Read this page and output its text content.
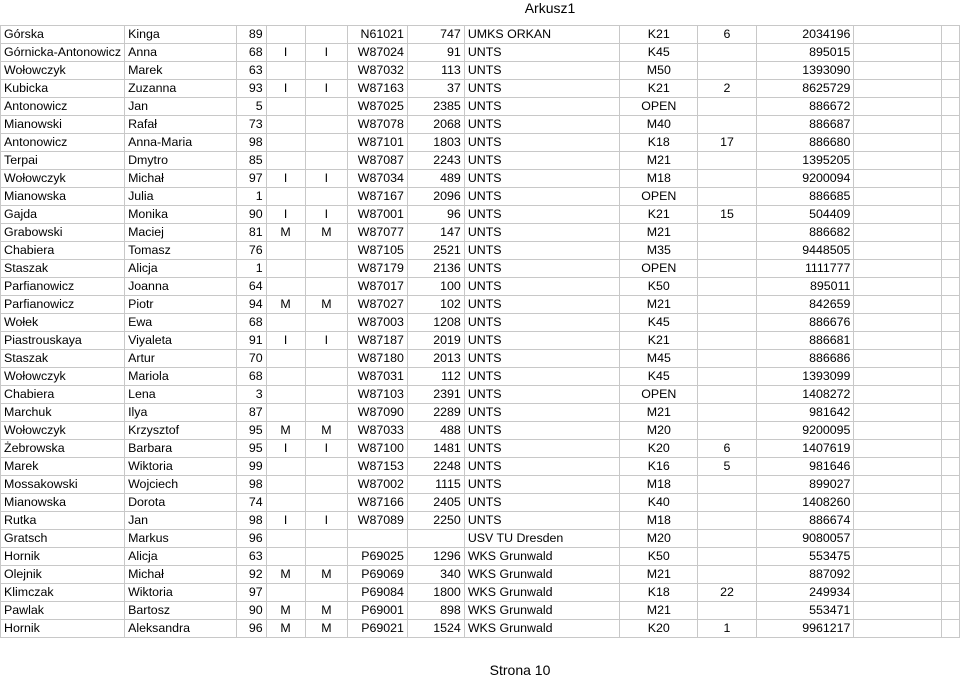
Arkusz1
Górska	Kinga	89			N61021	747	UMKS ORKAN	K21	6	2034196		
Górnicka-Antonowicz	Anna	68	I	I	W87024	91	UNTS	K45		895015		
Wołowczyk	Marek	63			W87032	113	UNTS	M50		1393090		
Kubicka	Zuzanna	93	I	I	W87163	37	UNTS	K21	2	8625729		
Antonowicz	Jan	5			W87025	2385	UNTS	OPEN		886672		
Mianowski	Rafał	73			W87078	2068	UNTS	M40		886687		
Antonowicz	Anna-Maria	98			W87101	1803	UNTS	K18	17	886680		
Terpai	Dmytro	85			W87087	2243	UNTS	M21		1395205		
Wołowczyk	Michał	97	I	I	W87034	489	UNTS	M18		9200094		
Mianowska	Julia	1			W87167	2096	UNTS	OPEN		886685		
Gajda	Monika	90	I	I	W87001	96	UNTS	K21	15	504409		
Grabowski	Maciej	81	M	M	W87077	147	UNTS	M21		886682		
Chabiera	Tomasz	76			W87105	2521	UNTS	M35		9448505		
Staszak	Alicja	1			W87179	2136	UNTS	OPEN		1111777		
Parfianowicz	Joanna	64			W87017	100	UNTS	K50		895011		
Parfianowicz	Piotr	94	M	M	W87027	102	UNTS	M21		842659		
Wołek	Ewa	68			W87003	1208	UNTS	K45		886676		
Piastrouskaya	Viyaleta	91	I	I	W87187	2019	UNTS	K21		886681		
Staszak	Artur	70			W87180	2013	UNTS	M45		886686		
Wołowczyk	Mariola	68			W87031	112	UNTS	K45		1393099		
Chabiera	Lena	3			W87103	2391	UNTS	OPEN		1408272		
Marchuk	Ilya	87			W87090	2289	UNTS	M21		981642		
Wołowczyk	Krzysztof	95	M	M	W87033	488	UNTS	M20		9200095		
Żebrowska	Barbara	95	I	I	W87100	1481	UNTS	K20	6	1407619		
Marek	Wiktoria	99			W87153	2248	UNTS	K16	5	981646		
Mossakowski	Wojciech	98			W87002	1115	UNTS	M18		899027		
Mianowska	Dorota	74			W87166	2405	UNTS	K40		1408260		
Rutka	Jan	98	I	I	W87089	2250	UNTS	M18		886674		
Gratsch	Markus	96					USV TU Dresden	M20		9080057		
Hornik	Alicja	63			P69025	1296	WKS Grunwald	K50		553475		
Olejnik	Michał	92	M	M	P69069	340	WKS Grunwald	M21		887092		
Klimczak	Wiktoria	97			P69084	1800	WKS Grunwald	K18	22	249934		
Pawlak	Bartosz	90	M	M	P69001	898	WKS Grunwald	M21		553471		
Hornik	Aleksandra	96	M	M	P69021	1524	WKS Grunwald	K20	1	9961217		
Strona 10
